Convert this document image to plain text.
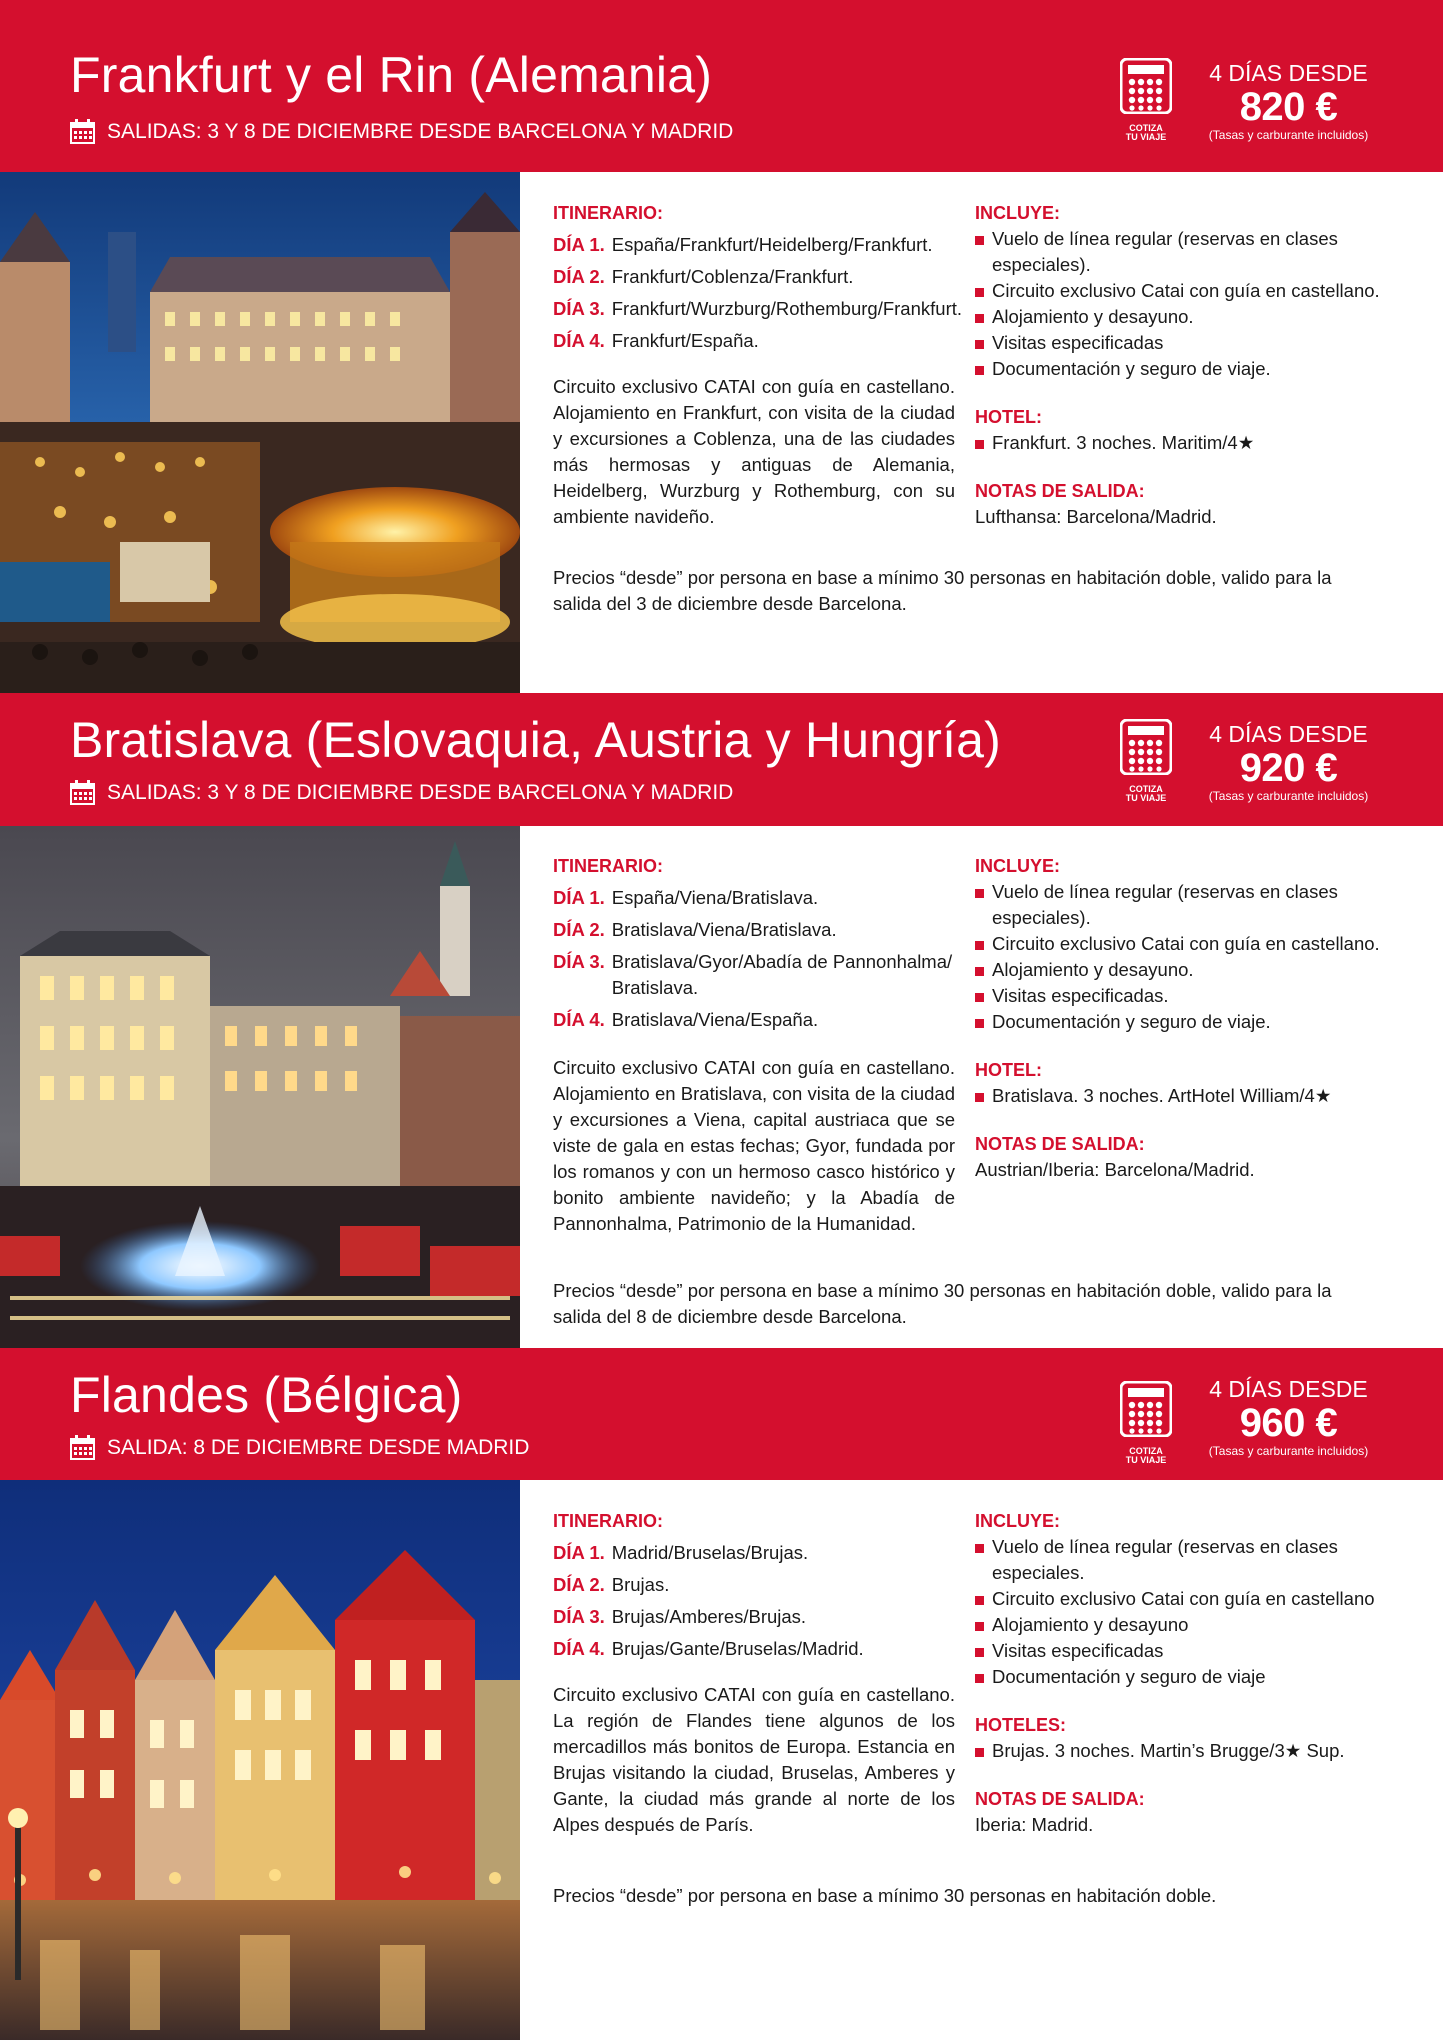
Frankfurt y el Rin (Alemania)
SALIDAS: 3 Y 8 DE DICIEMBRE DESDE BARCELONA Y MADRID	COTIZA
TU VIAJE
4 DÍAS DESDE
820 €
(Tasas y carburante incluidos)
ITINERARIO:
DÍA 1. España/Frankfurt/Heidelberg/Frankfurt.
DÍA 2. Frankfurt/Coblenza/Frankfurt.
DÍA 3. Frankfurt/Wurzburg/Rothemburg/Frankfurt.
DÍA 4. Frankfurt/España.
Circuito exclusivo CATAI con guía en castellano. Alojamiento en Frankfurt, con visita de la ciudad y excursiones a Coblenza, una de las ciudades más hermosas y antiguas de Alemania, Heidelberg, Wurzburg y Rothemburg, con su ambiente navideño.
INCLUYE:
Vuelo de línea regular (reservas en clases especiales).
Circuito exclusivo Catai con guía en castellano.
Alojamiento y desayuno.
Visitas especificadas
Documentación y seguro de viaje.
HOTEL:
Frankfurt. 3 noches. Maritim/4★
NOTAS DE SALIDA:
Lufthansa: Barcelona/Madrid.
Precios “desde” por persona en base a mínimo 30 personas en habitación doble, valido para la salida del 3 de diciembre desde Barcelona.
Bratislava (Eslovaquia, Austria y Hungría)
SALIDAS: 3 Y 8 DE DICIEMBRE DESDE BARCELONA Y MADRID	COTIZA
TU VIAJE
4 DÍAS DESDE
920 €
(Tasas y carburante incluidos)
ITINERARIO:
DÍA 1. España/Viena/Bratislava.
DÍA 2. Bratislava/Viena/Bratislava.
DÍA 3. Bratislava/Gyor/Abadía de Pannonhalma/ Bratislava.
DÍA 4. Bratislava/Viena/España.
Circuito exclusivo CATAI con guía en castellano. Alojamiento en Bratislava, con visita de la ciudad y excursiones a Viena, capital austriaca que se viste de gala en estas fechas; Gyor, fundada por los romanos y con un hermoso casco histórico y bonito ambiente navideño; y la Abadía de Pannonhalma, Patrimonio de la Humanidad.
INCLUYE:
Vuelo de línea regular (reservas en clases especiales).
Circuito exclusivo Catai con guía en castellano.
Alojamiento y desayuno.
Visitas especificadas.
Documentación y seguro de viaje.
HOTEL:
Bratislava. 3 noches. ArtHotel William/4★
NOTAS DE SALIDA:
Austrian/Iberia: Barcelona/Madrid.
Precios “desde” por persona en base a mínimo 30 personas en habitación doble, valido para la salida del 8 de diciembre desde Barcelona.
Flandes (Bélgica)
SALIDA: 8 DE DICIEMBRE DESDE MADRID	COTIZA
TU VIAJE
4 DÍAS DESDE
960 €
(Tasas y carburante incluidos)
ITINERARIO:
DÍA 1. Madrid/Bruselas/Brujas.
DÍA 2. Brujas.
DÍA 3. Brujas/Amberes/Brujas.
DÍA 4. Brujas/Gante/Bruselas/Madrid.
Circuito exclusivo CATAI con guía en castellano. La región de Flandes tiene algunos de los mercadillos más bonitos de Europa. Estancia en Brujas visitando la ciudad, Bruselas, Amberes y Gante, la ciudad más grande al norte de los Alpes después de París.
INCLUYE:
Vuelo de línea regular (reservas en clases especiales.
Circuito exclusivo Catai con guía en castellano
Alojamiento y desayuno
Visitas especificadas
Documentación y seguro de viaje
HOTELES:
Brujas. 3 noches. Martin’s Brugge/3★ Sup.
NOTAS DE SALIDA:
Iberia: Madrid.
Precios “desde” por persona en base a mínimo 30 personas en habitación doble.
